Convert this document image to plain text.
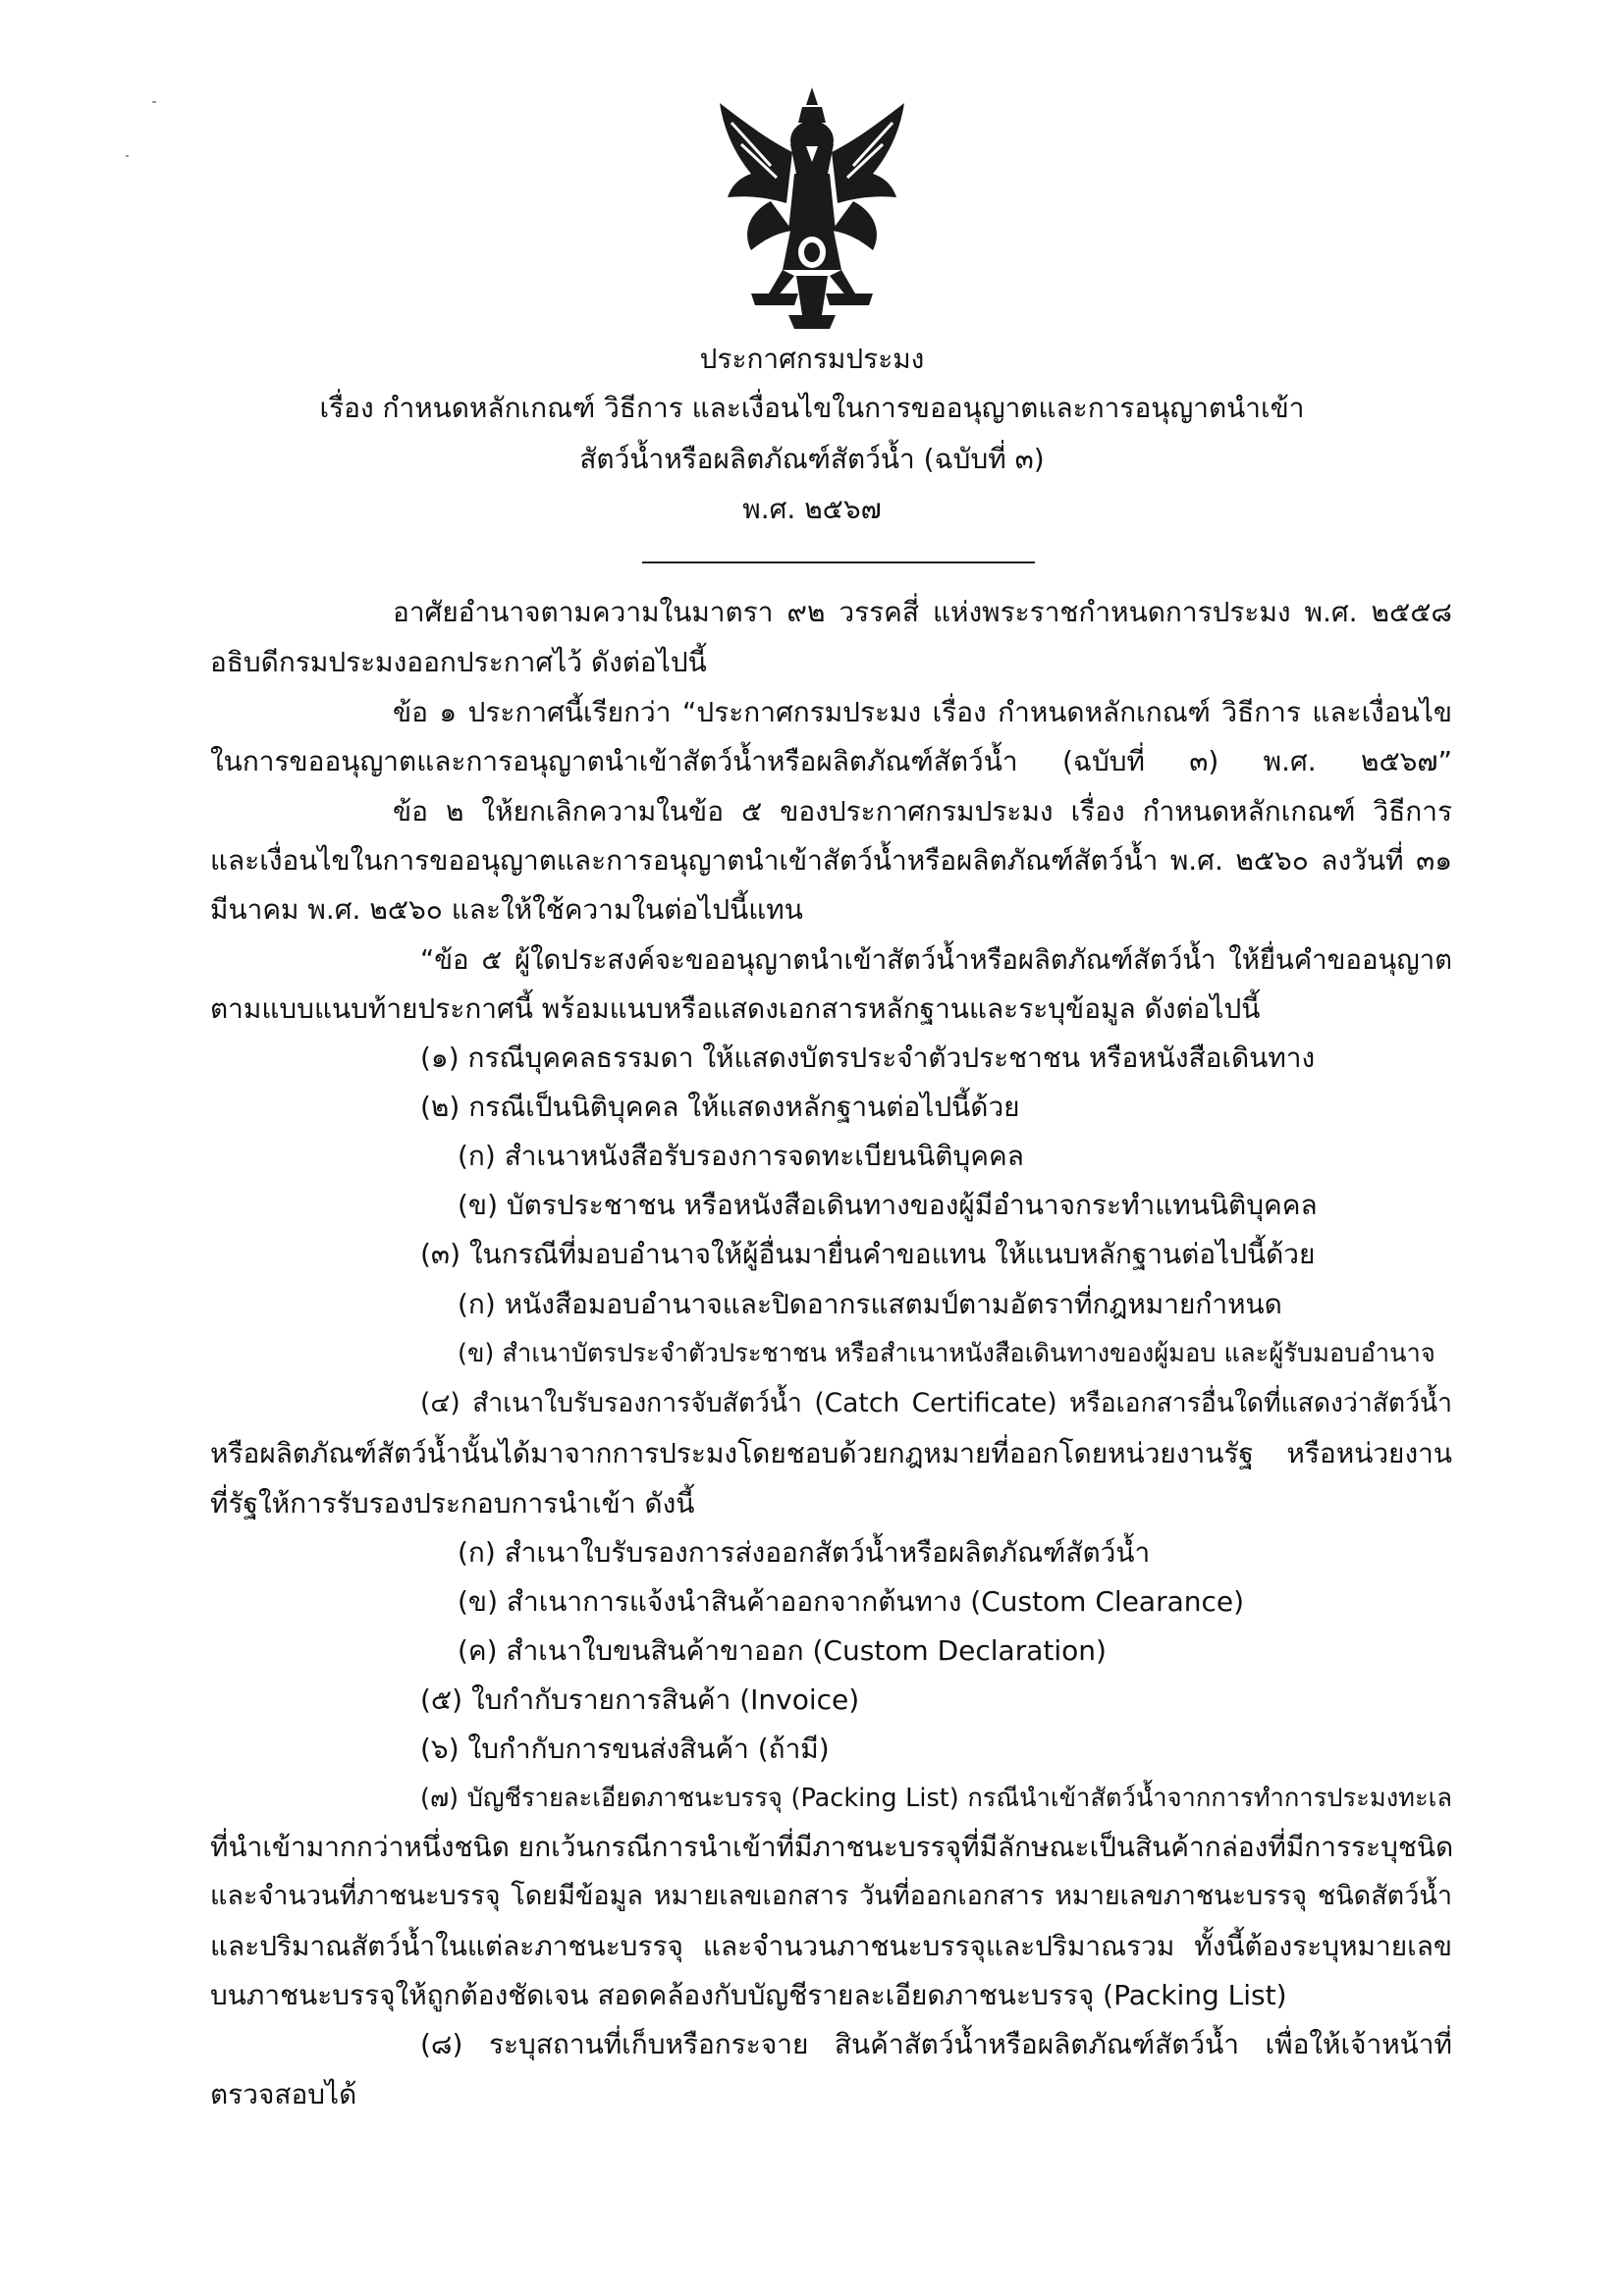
ประกาศกรมประมง
เรื่อง กำหนดหลักเกณฑ์ วิธีการ และเงื่อนไขในการขออนุญาตและการอนุญาตนำเข้า
สัตว์น้ำหรือผลิตภัณฑ์สัตว์น้ำ (ฉบับที่ ๓)
พ.ศ. ๒๕๖๗
อาศัยอำนาจตามความในมาตรา ๙๒ วรรคสี่ แห่งพระราชกำหนดการประมง พ.ศ. ๒๕๕๘
อธิบดีกรมประมงออกประกาศไว้ ดังต่อไปนี้
ข้อ ๑ ประกาศนี้เรียกว่า “ประกาศกรมประมง เรื่อง กำหนดหลักเกณฑ์ วิธีการ และเงื่อนไข
ในการขออนุญาตและการอนุญาตนำเข้าสัตว์น้ำหรือผลิตภัณฑ์สัตว์น้ำ (ฉบับที่ ๓) พ.ศ. ๒๕๖๗”
ข้อ ๒ ให้ยกเลิกความในข้อ ๕ ของประกาศกรมประมง เรื่อง กำหนดหลักเกณฑ์ วิธีการ
และเงื่อนไขในการขออนุญาตและการอนุญาตนำเข้าสัตว์น้ำหรือผลิตภัณฑ์สัตว์น้ำ พ.ศ. ๒๕๖๐ ลงวันที่ ๓๑
มีนาคม พ.ศ. ๒๕๖๐ และให้ใช้ความในต่อไปนี้แทน
“ข้อ ๕ ผู้ใดประสงค์จะขออนุญาตนำเข้าสัตว์น้ำหรือผลิตภัณฑ์สัตว์น้ำ ให้ยื่นคำขออนุญาต
ตามแบบแนบท้ายประกาศนี้ พร้อมแนบหรือแสดงเอกสารหลักฐานและระบุข้อมูล ดังต่อไปนี้
(๑) กรณีบุคคลธรรมดา ให้แสดงบัตรประจำตัวประชาชน หรือหนังสือเดินทาง
(๒) กรณีเป็นนิติบุคคล ให้แสดงหลักฐานต่อไปนี้ด้วย
(ก) สำเนาหนังสือรับรองการจดทะเบียนนิติบุคคล
(ข) บัตรประชาชน หรือหนังสือเดินทางของผู้มีอำนาจกระทำแทนนิติบุคคล
(๓) ในกรณีที่มอบอำนาจให้ผู้อื่นมายื่นคำขอแทน ให้แนบหลักฐานต่อไปนี้ด้วย
(ก) หนังสือมอบอำนาจและปิดอากรแสตมป์ตามอัตราที่กฎหมายกำหนด
(ข) สำเนาบัตรประจำตัวประชาชน หรือสำเนาหนังสือเดินทางของผู้มอบ และผู้รับมอบอำนาจ
(๔) สำเนาใบรับรองการจับสัตว์น้ำ (Catch Certificate) หรือเอกสารอื่นใดที่แสดงว่าสัตว์น้ำ
หรือผลิตภัณฑ์สัตว์น้ำนั้นได้มาจากการประมงโดยชอบด้วยกฎหมายที่ออกโดยหน่วยงานรัฐ หรือหน่วยงาน
ที่รัฐให้การรับรองประกอบการนำเข้า ดังนี้
(ก) สำเนาใบรับรองการส่งออกสัตว์น้ำหรือผลิตภัณฑ์สัตว์น้ำ
(ข) สำเนาการแจ้งนำสินค้าออกจากต้นทาง (Custom Clearance)
(ค) สำเนาใบขนสินค้าขาออก (Custom Declaration)
(๕) ใบกำกับรายการสินค้า (Invoice)
(๖) ใบกำกับการขนส่งสินค้า (ถ้ามี)
(๗) บัญชีรายละเอียดภาชนะบรรจุ (Packing List) กรณีนำเข้าสัตว์น้ำจากการทำการประมงทะเล
ที่นำเข้ามากกว่าหนึ่งชนิด ยกเว้นกรณีการนำเข้าที่มีภาชนะบรรจุที่มีลักษณะเป็นสินค้ากล่องที่มีการระบุชนิด
และจำนวนที่ภาชนะบรรจุ โดยมีข้อมูล หมายเลขเอกสาร วันที่ออกเอกสาร หมายเลขภาชนะบรรจุ ชนิดสัตว์น้ำ
และปริมาณสัตว์น้ำในแต่ละภาชนะบรรจุ และจำนวนภาชนะบรรจุและปริมาณรวม ทั้งนี้ต้องระบุหมายเลข
บนภาชนะบรรจุให้ถูกต้องชัดเจน สอดคล้องกับบัญชีรายละเอียดภาชนะบรรจุ (Packing List)
(๘) ระบุสถานที่เก็บหรือกระจาย สินค้าสัตว์น้ำหรือผลิตภัณฑ์สัตว์น้ำ เพื่อให้เจ้าหน้าที่
ตรวจสอบได้
